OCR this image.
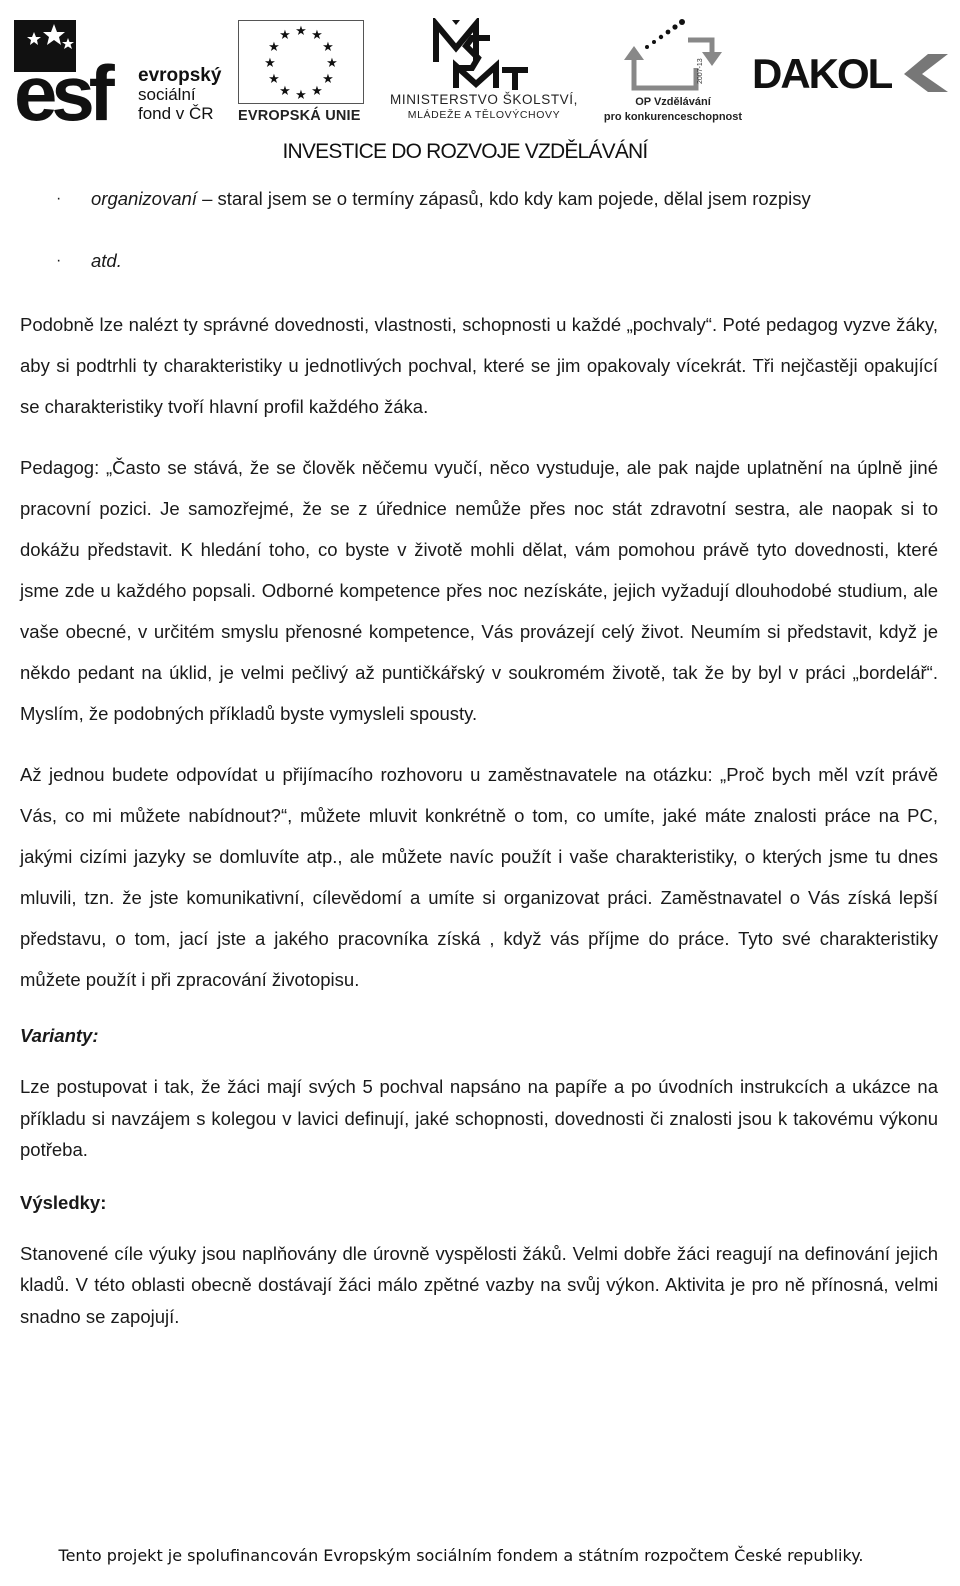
esf	evropský
sociální
fond v ČR
★ ★
★
★
★
★
★
★
★
★
★
★
EVROPSKÁ UNIE
MINISTERSTVO ŠKOLSTVÍ,
MLÁDEŽE A TĚLOVÝCHOVY
2007-13
OP Vzdělávání
pro konkurenceschopnost
DAKOL
INVESTICE DO ROZVOJE VZDĚLÁVÁNÍ
· organizovaní – staral jsem se o termíny zápasů, kdo kdy kam pojede, dělal jsem rozpisy
· atd.

Podobně lze nalézt ty správné dovednosti, vlastnosti, schopnosti u každé „pochvaly“. Poté pedagog vyzve žáky, aby si podtrhli ty charakteristiky u jednotlivých pochval, které se jim opakovaly vícekrát. Tři nejčastěji opakující se charakteristiky tvoří hlavní profil každého žáka.

Pedagog: „Často se stává, že se člověk něčemu vyučí, něco vystuduje, ale pak najde uplatnění na úplně jiné pracovní pozici. Je samozřejmé, že se z úřednice nemůže přes noc stát zdravotní sestra, ale naopak si to dokážu představit. K hledání toho, co byste v životě mohli dělat, vám pomohou právě tyto dovednosti, které jsme zde u každého popsali. Odborné kompetence přes noc nezískáte, jejich vyžadují dlouhodobé studium, ale vaše obecné, v určitém smyslu přenosné kompetence, Vás provázejí celý život. Neumím si představit, když je někdo pedant na úklid, je velmi pečlivý až puntičkářský v soukromém životě, tak že by byl v práci „bordelář“. Myslím, že podobných příkladů byste vymysleli spousty.

Až jednou budete odpovídat u přijímacího rozhovoru u zaměstnavatele na otázku: „Proč bych měl vzít právě Vás, co mi můžete nabídnout?“, můžete mluvit konkrétně o tom, co umíte, jaké máte znalosti práce na PC, jakými cizími jazyky se domluvíte atp., ale můžete navíc použít i vaše charakteristiky, o kterých jsme tu dnes mluvili, tzn. že jste komunikativní, cílevědomí a umíte si organizovat práci. Zaměstnavatel o Vás získá lepší představu, o tom, jací jste a jakého pracovníka získá , když vás příjme do práce. Tyto své charakteristiky můžete použít i při zpracování životopisu.

Varianty:

Lze postupovat i tak, že žáci mají svých 5 pochval napsáno na papíře a po úvodních instrukcích a ukázce na příkladu si navzájem s kolegou v lavici definují, jaké schopnosti, dovednosti či znalosti jsou k takovému výkonu potřeba.

Výsledky:

Stanovené cíle výuky jsou naplňovány dle úrovně vyspělosti žáků. Velmi dobře žáci reagují na definování jejich kladů. V této oblasti obecně dostávají žáci málo zpětné vazby na svůj výkon. Aktivita je pro ně přínosná, velmi snadno se zapojují.

Tento projekt je spolufinancován Evropským sociálním fondem a státním rozpočtem České republiky.
